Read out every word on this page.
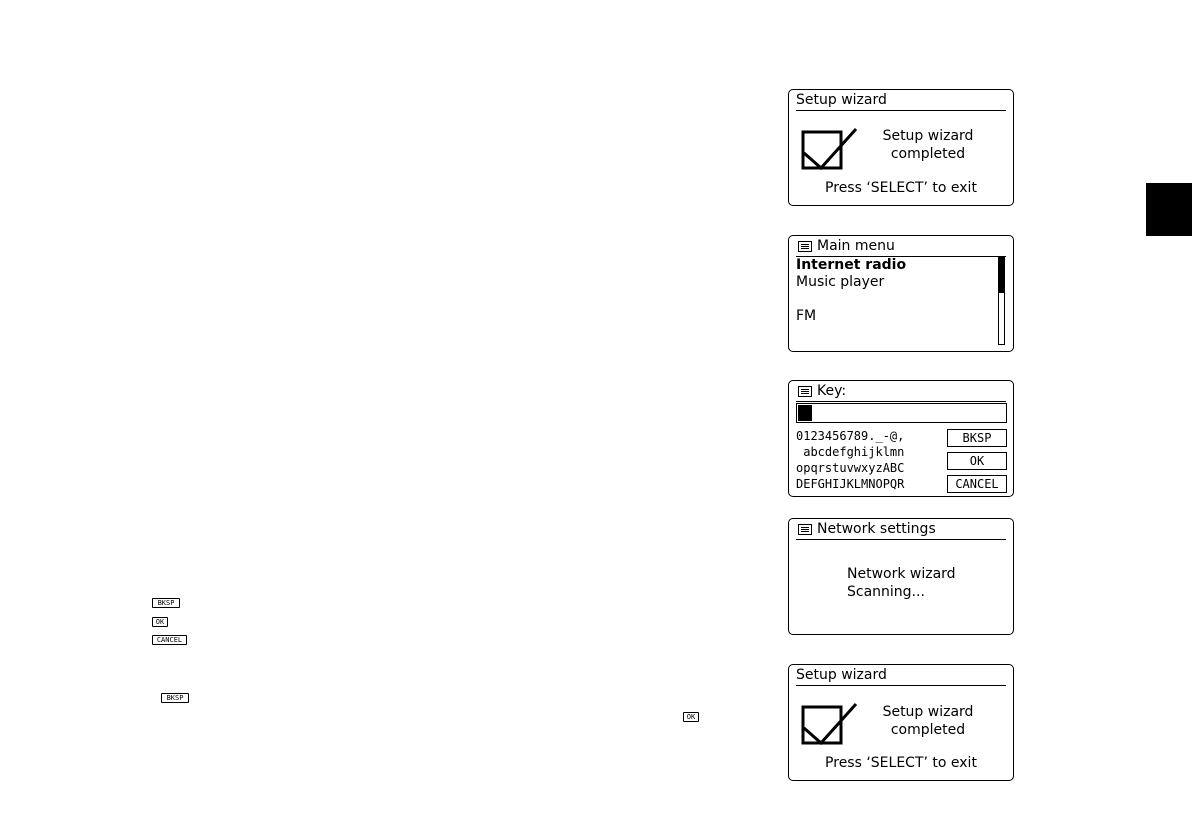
Setup wizard
Setup wizard
completed
Press ‘SELECT’ to exit
Main menu
Internet radio
Music player
FM
Key:
0123456789._-@,
abcdefghijklmn
opqrstuvwxyzABC
DEFGHIJKLMNOPQR
BKSP
OK
CANCEL
Network settings
Network wizard
Scanning...
Setup wizard
Setup wizard
completed
Press ‘SELECT’ to exit
BKSP
OK
CANCEL
BKSP
OK
